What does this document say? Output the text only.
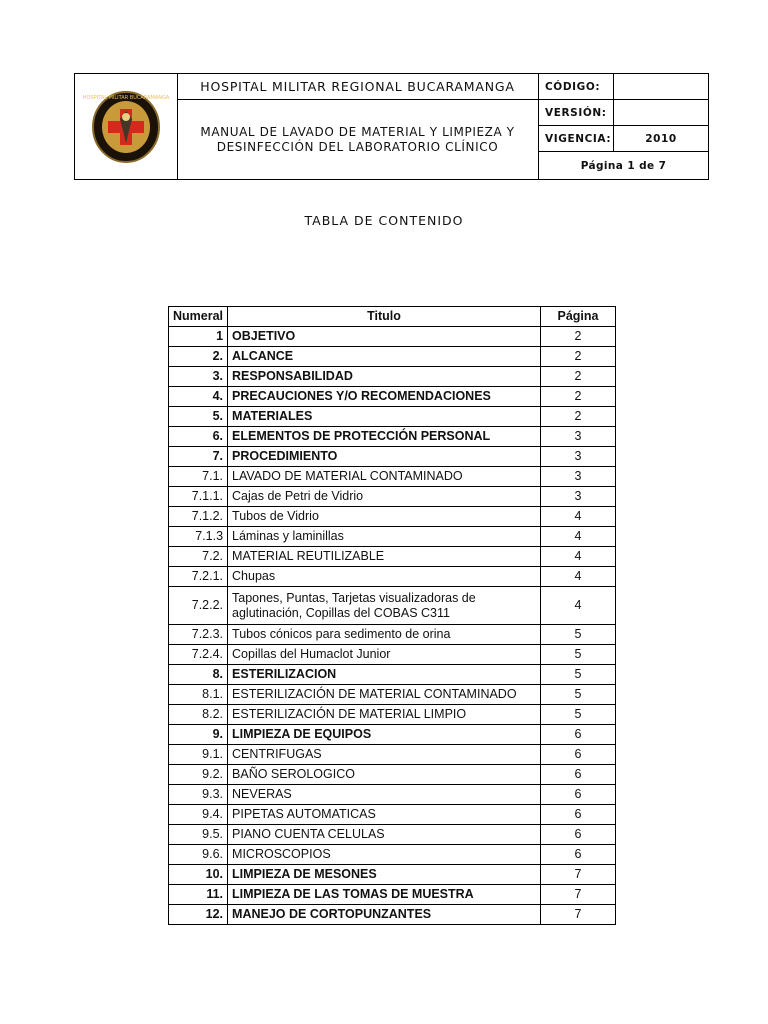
HOSPITAL MILITAR BUCARAMANGA
HOSPITAL MILITAR REGIONAL BUCARAMANGA
MANUAL DE LAVADO DE MATERIAL Y LIMPIEZA Y
DESINFECCIÓN DEL LABORATORIO CLÍNICO
CÓDIGO:
VERSIÓN:
VIGENCIA:	2010
Página 1 de 7
TABLA DE CONTENIDO
Numeral	Titulo	Página
1	OBJETIVO	2
2.	ALCANCE	2
3.	RESPONSABILIDAD	2
4.	PRECAUCIONES Y/O RECOMENDACIONES	2
5.	MATERIALES	2
6.	ELEMENTOS DE PROTECCIÓN PERSONAL	3
7.	PROCEDIMIENTO	3
7.1.	LAVADO DE MATERIAL CONTAMINADO	3
7.1.1.	Cajas de Petri de Vidrio	3
7.1.2.	Tubos de Vidrio	4
7.1.3	Láminas y laminillas	4
7.2.	MATERIAL REUTILIZABLE	4
7.2.1.	Chupas	4
7.2.2.	Tapones, Puntas, Tarjetas visualizadoras de aglutinación, Copillas del COBAS C311	4
7.2.3.	Tubos cónicos para sedimento de orina	5
7.2.4.	Copillas del Humaclot Junior	5
8.	ESTERILIZACION	5
8.1.	ESTERILIZACIÓN DE MATERIAL CONTAMINADO	5
8.2.	ESTERILIZACIÓN DE MATERIAL LIMPIO	5
9.	LIMPIEZA DE EQUIPOS	6
9.1.	CENTRIFUGAS	6
9.2.	BAÑO SEROLOGICO	6
9.3.	NEVERAS	6
9.4.	PIPETAS AUTOMATICAS	6
9.5.	PIANO CUENTA CELULAS	6
9.6.	MICROSCOPIOS	6
10.	LIMPIEZA DE MESONES	7
11.	LIMPIEZA DE LAS TOMAS DE MUESTRA	7
12.	MANEJO DE CORTOPUNZANTES	7
